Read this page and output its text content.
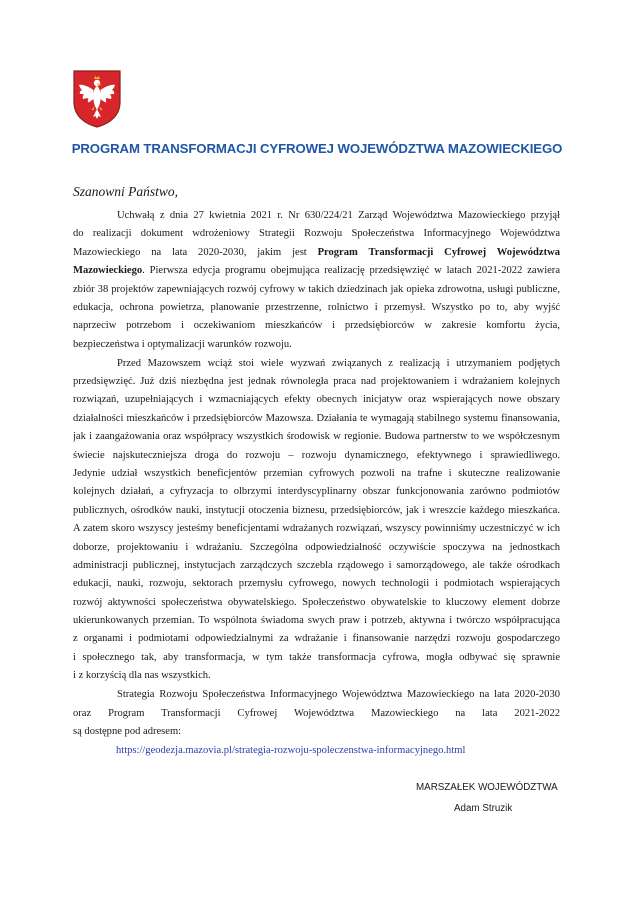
PROGRAM TRANSFORMACJI CYFROWEJ WOJEWÓDZTWA MAZOWIECKIEGO
Szanowni Państwo,
Uchwałą z dnia 27 kwietnia 2021 r. Nr 630/224/21 Zarząd Województwa Mazowieckiego przyjął
do realizacji dokument wdrożeniowy Strategii Rozwoju Społeczeństwa Informacyjnego Województwa
Mazowieckiego na lata 2020-2030, jakim jest Program Transformacji Cyfrowej Województwa
Mazowieckiego. Pierwsza edycja programu obejmująca realizację przedsięwzięć w latach 2021-2022 zawiera
zbiór 38 projektów zapewniających rozwój cyfrowy w takich dziedzinach jak opieka zdrowotna, usługi publiczne,
edukacja, ochrona powietrza, planowanie przestrzenne, rolnictwo i przemysł. Wszystko po to, aby wyjść
naprzeciw potrzebom i oczekiwaniom mieszkańców i przedsiębiorców w zakresie komfortu życia,
bezpieczeństwa i optymalizacji warunków rozwoju.
Przed Mazowszem wciąż stoi wiele wyzwań związanych z realizacją i utrzymaniem podjętych
przedsięwzięć. Już dziś niezbędna jest jednak równoległa praca nad projektowaniem i wdrażaniem kolejnych
rozwiązań, uzupełniających i wzmacniających efekty obecnych inicjatyw oraz wspierających nowe obszary
działalności mieszkańców i przedsiębiorców Mazowsza. Działania te wymagają stabilnego systemu finansowania,
jak i zaangażowania oraz współpracy wszystkich środowisk w regionie. Budowa partnerstw to we współczesnym
świecie najskuteczniejsza droga do rozwoju – rozwoju dynamicznego, efektywnego i sprawiedliwego.
Jedynie udział wszystkich beneficjentów przemian cyfrowych pozwoli na trafne i skuteczne realizowanie
kolejnych działań, a cyfryzacja to olbrzymi interdyscyplinarny obszar funkcjonowania zarówno podmiotów
publicznych, ośrodków nauki, instytucji otoczenia biznesu, przedsiębiorców, jak i wreszcie każdego mieszkańca.
A zatem skoro wszyscy jesteśmy beneficjentami wdrażanych rozwiązań, wszyscy powinniśmy uczestniczyć w ich
doborze, projektowaniu i wdrażaniu. Szczególna odpowiedzialność oczywiście spoczywa na jednostkach
administracji publicznej, instytucjach zarządczych szczebla rządowego i samorządowego, ale także ośrodkach
edukacji, nauki, rozwoju, sektorach przemysłu cyfrowego, nowych technologii i podmiotach wspierających
rozwój aktywności społeczeństwa obywatelskiego. Społeczeństwo obywatelskie to kluczowy element dobrze
ukierunkowanych przemian. To wspólnota świadoma swych praw i potrzeb, aktywna i twórczo współpracująca
z organami i podmiotami odpowiedzialnymi za wdrażanie i finansowanie narzędzi rozwoju gospodarczego
i społecznego tak, aby transformacja, w tym także transformacja cyfrowa, mogła odbywać się sprawnie
i z korzyścią dla nas wszystkich.
Strategia Rozwoju Społeczeństwa Informacyjnego Województwa Mazowieckiego na lata 2020-2030
oraz Program Transformacji Cyfrowej Województwa Mazowieckiego na lata 2021-2022
są dostępne pod adresem:
https://geodezja.mazovia.pl/strategia-rozwoju-spoleczenstwa-informacyjnego.html
MARSZAŁEK WOJEWÓDZTWA
Adam Struzik
